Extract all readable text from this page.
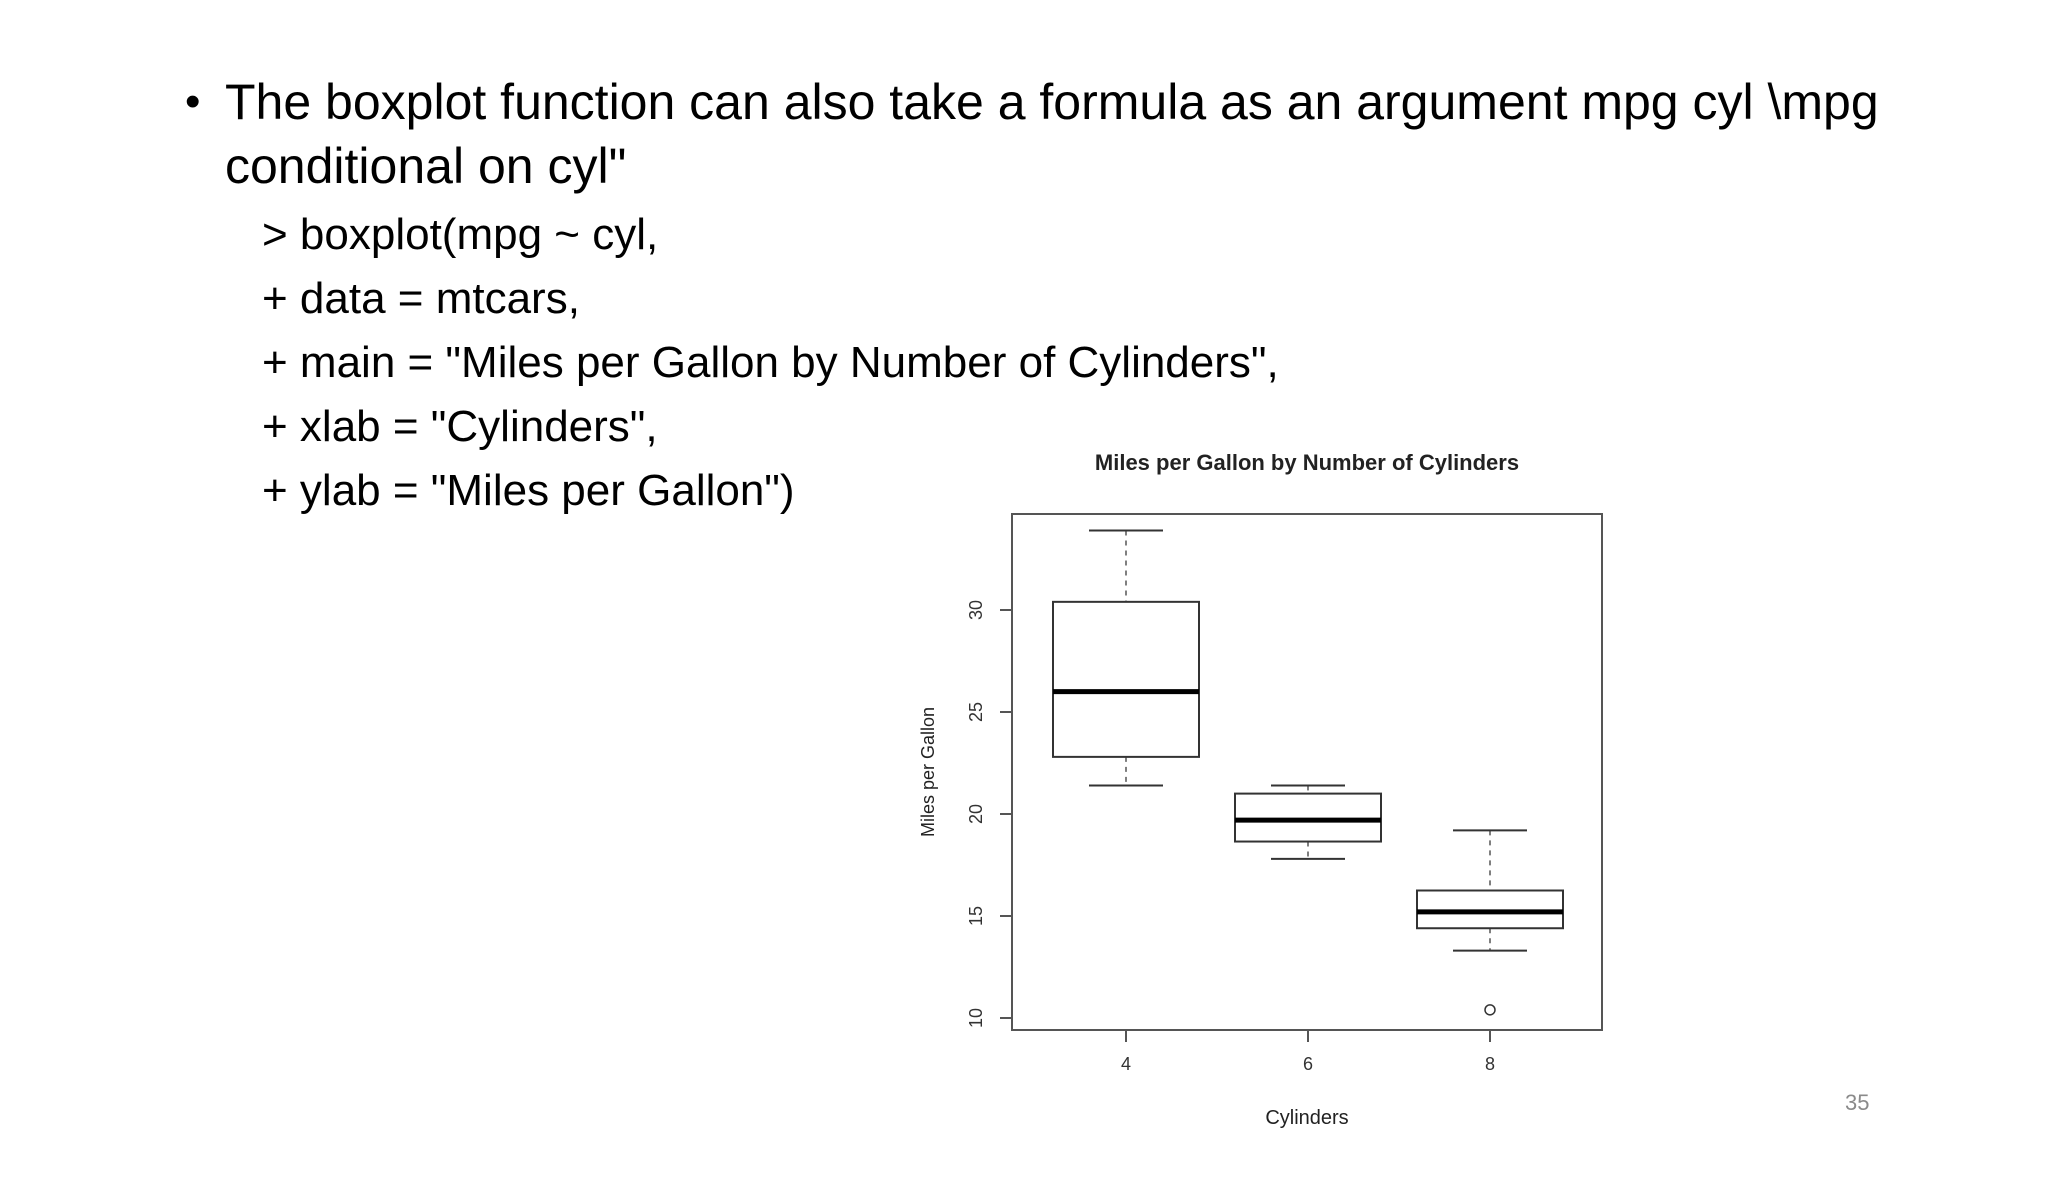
• The boxplot function can also take a formula as an argument mpg cyl \mpg conditional on cyl"
> boxplot(mpg ~ cyl,
+ data = mtcars,
+ main = "Miles per Gallon by Number of Cylinders",
+ xlab = "Cylinders",
+ ylab = "Miles per Gallon")
Miles per Gallon by Number of Cylinders
Cylinders
Miles per Gallon
10
15
20
25
30
4	6	8
35
